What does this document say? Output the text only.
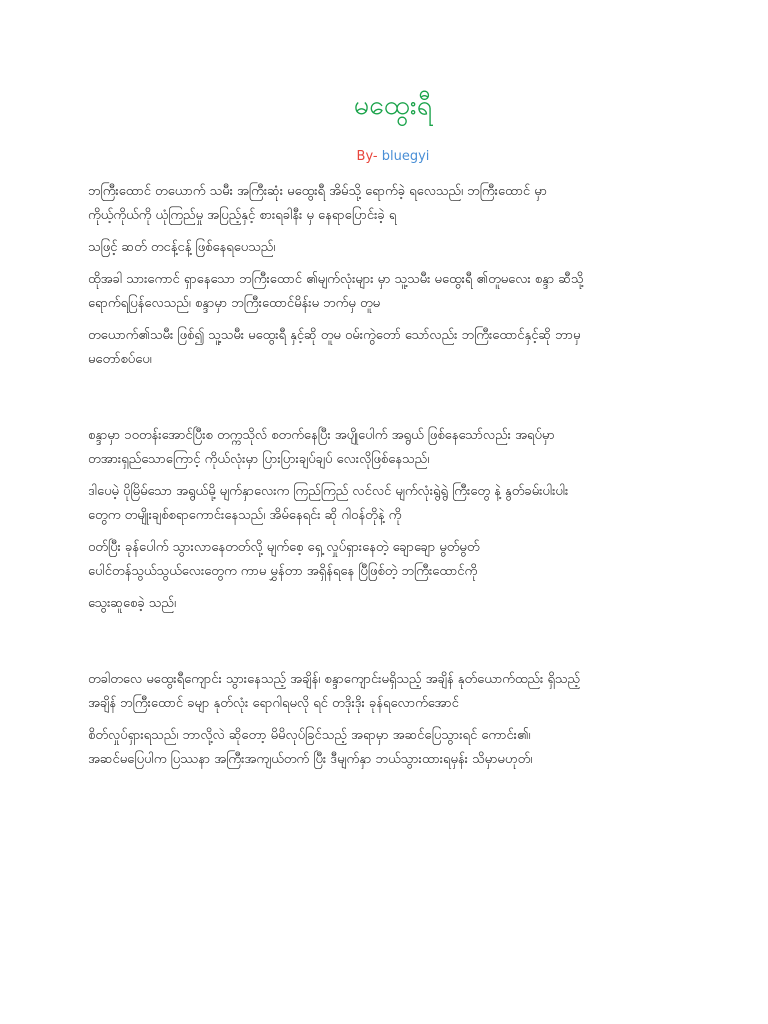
မထွေးရီ
By- bluegyi

ဘကြီးထောင် တယောက် သမီး အကြီးဆုံး မထွေးရီ အိမ်သို့ ရောက်ခဲ့ ရလေသည်၊ ဘကြီးထောင် မှာ
ကိုယ့်ကိုယ်ကို ယုံကြည်မှု အပြည့်နှင့် စားရခါနီး မှ နေရာပြောင်းခဲ့ ရ

သဖြင့် ဆတ် တငန့်ငန့် ဖြစ်နေရပေသည်၊

ထိုအခါ သားကောင် ရှာနေသော ဘကြီးထောင် ၏မျက်လုံးများ မှာ သူ့သမီး မထွေးရီ ၏တူမလေး စန္ဒာ ဆီသို့
ရောက်ရပြန်လေသည်၊ စန္ဒာမှာ ဘကြီးထောင်မိန်းမ ဘက်မှ တူမ

တယောက်၏သမီး ဖြစ်၍ သူ့သမီး မထွေးရီ နှင့်ဆို တူမ ဝမ်းကွဲတော် သော်လည်း ဘကြီးထောင်နှင့်ဆို ဘာမှ
မတော်စပ်ပေ၊

စန္ဒာမှာ ၁၀တန်းအောင်ပြီးစ တက္ကသိုလ် စတက်နေပြီး အပျိုပေါက် အရွယ် ဖြစ်နေသော်လည်း အရပ်မှာ
တအားရှည်သောကြောင့် ကိုယ်လုံးမှာ ပြားပြားချပ်ချပ် လေးလိုဖြစ်နေသည်၊

ဒါပေမဲ့ ပိုမြိမ်သော အရွယ်မို့ မျက်နှာလေးက ကြည်ကြည် လင်လင် မျက်လုံးရွဲရွဲ ကြီးတွေ နဲ့ နွတ်ခမ်းပါးပါး
တွေက တမျိုးချစ်စရာကောင်းနေသည်၊ အိမ်နေရင်း ဆို ဂါဝန်တိုနဲ့ ကို

ဝတ်ပြီး ခုန်ပေါက် သွားလာနေတတ်လို့ မျက်စေ့ ရှေ့ လှုပ်ရှားနေတဲ့ ချောချော မွတ်မွတ်
ပေါင်တန်သွယ်သွယ်လေးတွေက ကာမ မွှန်တာ အရှိန်ရနေ ပြီဖြစ်တဲ့ ဘကြီးထောင်ကို

သွေးဆူစေခဲ့ သည်၊

တခါတလေ မထွေးရီကျောင်း သွားနေသည့် အချိန်၊ စန္ဒာကျောင်းမရှိသည့် အချိန် နုတ်ယောက်ထည်း ရှိသည့်
အချိန် ဘကြီးထောင် ခမျာ နုတ်လုံး ရောဂါရမလို ရင် တဒိုးဒိုး ခုန်ရလောက်အောင်

စိတ်လှုပ်ရှားရသည်၊ ဘာလို့လဲ ဆိုတော့ မိမိလုပ်ခြင်သည့် အရာမှာ အဆင်ပြေသွားရင် ကောင်း၏၊
အဆင်မပြေပါက ပြဿနာ အကြီးအကျယ်တက် ပြီး ဒီမျက်နှာ ဘယ်သွားထားရမှန်း သိမှာမဟုတ်၊
